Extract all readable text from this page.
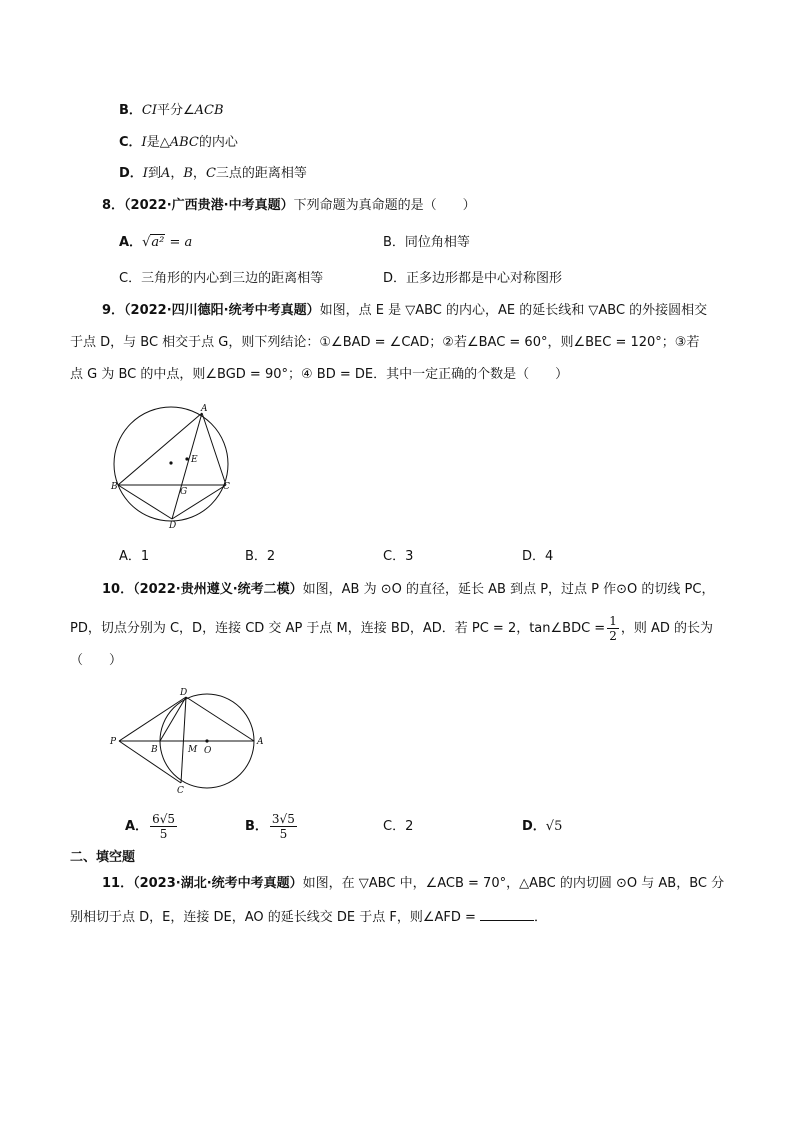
B．CI平分∠ACB
C．I是△ABC的内心
D．I到A，B，C三点的距离相等
8．（2022·广西贵港·中考真题）下列命题为真命题的是（　　）
A．√a² = a	B．同位角相等
C．三角形的内心到三边的距离相等	D．正多边形都是中心对称图形
9．（2022·四川德阳·统考中考真题）如图，点 E 是 ▽ABC 的内心，AE 的延长线和 ▽ABC 的外接圆相交
于点 D，与 BC 相交于点 G，则下列结论：①∠BAD = ∠CAD；②若∠BAC = 60°，则∠BEC = 120°；③若
点 G 为 BC 的中点，则∠BGD = 90°；④ BD = DE．其中一定正确的个数是（　　）
A
E
B	C
G
D
A．1	B．2	C．3	D．4
10．（2022·贵州遵义·统考二模）如图，AB 为 ⊙O 的直径，延长 AB 到点 P，过点 P 作⊙O 的切线 PC，
PD，切点分别为 C，D，连接 CD 交 AP 于点 M，连接 BD，AD．若 PC = 2，tan∠BDC = $\frac{1}{2}$ ，则 AD 的长为
（　　）
P
B	M O
A
D
C
A． $\frac{6√5}{5}$	B． $\frac{3√5}{5}$	C．2	D．√5
二、填空题
11．（2023·湖北·统考中考真题）如图，在 ▽ABC 中，∠ACB = 70°，△ABC 的内切圆 ⊙O 与 AB，BC 分
别相切于点 D，E，连接 DE，AO 的延长线交 DE 于点 F，则∠AFD =	．
